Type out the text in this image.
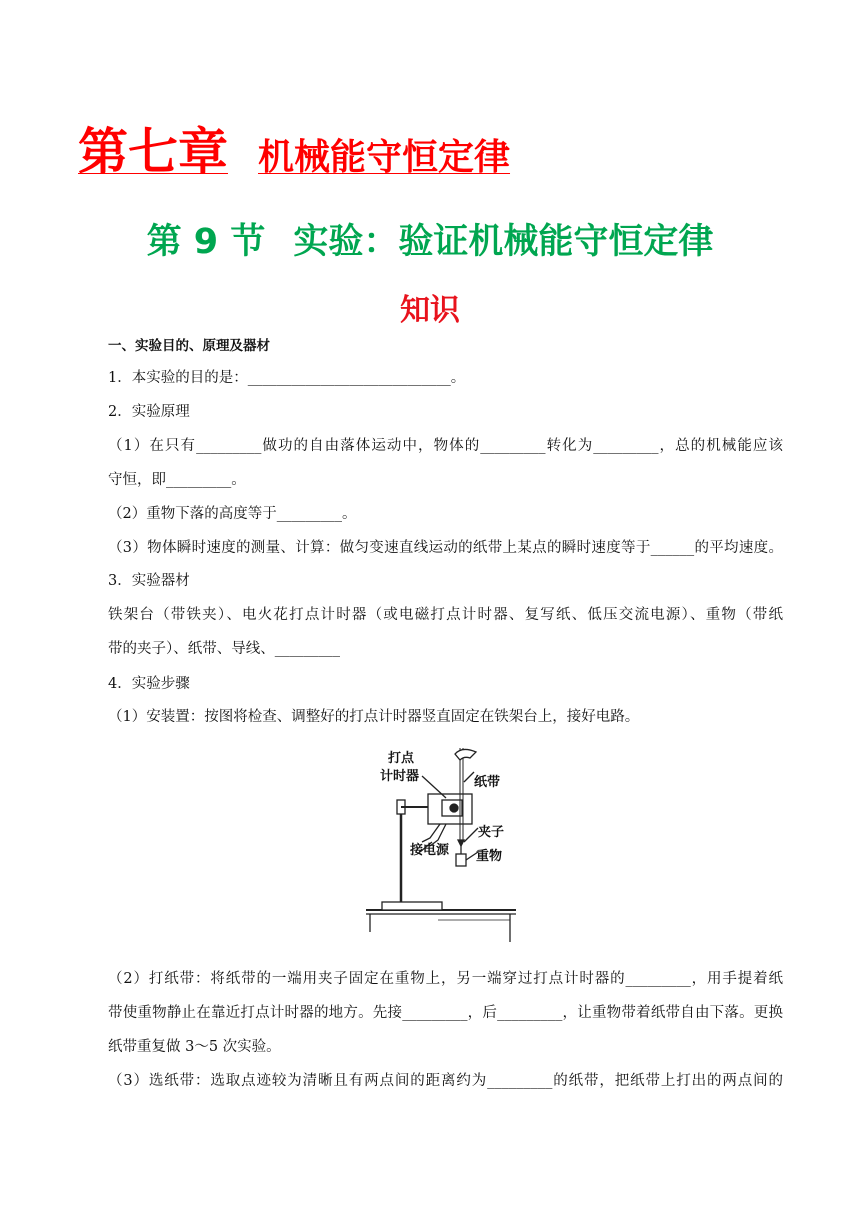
第七章 机械能守恒定律
第 9 节 实验：验证机械能守恒定律
知识
一、实验目的、原理及器材
1．本实验的目的是：____________________________。
2．实验原理
（1）在只有_________做功的自由落体运动中，物体的_________转化为_________，总的机械能应该
守恒，即_________。
（2）重物下落的高度等于_________。
（3）物体瞬时速度的测量、计算：做匀变速直线运动的纸带上某点的瞬时速度等于______的平均速度。
3．实验器材
铁架台（带铁夹）、电火花打点计时器（或电磁打点计时器、复写纸、低压交流电源）、重物（带纸
带的夹子）、纸带、导线、_________
4．实验步骤
（1）安装置：按图将检查、调整好的打点计时器竖直固定在铁架台上，接好电路。
打点
计时器	纸带
夹子
接电源 重物
（2）打纸带：将纸带的一端用夹子固定在重物上，另一端穿过打点计时器的_________，用手提着纸
带使重物静止在靠近打点计时器的地方。先接_________，后_________，让重物带着纸带自由下落。更换
纸带重复做 3～5 次实验。
（3）选纸带：选取点迹较为清晰且有两点间的距离约为_________的纸带，把纸带上打出的两点间的
